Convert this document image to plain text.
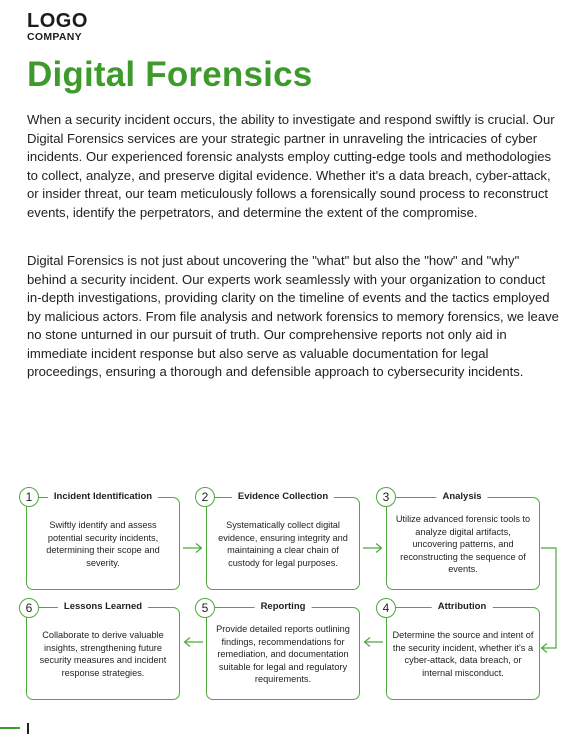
LOGO
COMPANY
Digital Forensics

When a security incident occurs, the ability to investigate and respond swiftly is crucial. Our Digital Forensics services are your strategic partner in unraveling the intricacies of cyber incidents. Our experienced forensic analysts employ cutting-edge tools and methodologies to collect, analyze, and preserve digital evidence. Whether it's a data breach, cyber-attack, or insider threat, our team meticulously follows a forensically sound process to reconstruct events, identify the perpetrators, and determine the extent of the compromise.

Digital Forensics is not just about uncovering the "what" but also the "how" and "why" behind a security incident. Our experts work seamlessly with your organization to conduct in-depth investigations, providing clarity on the timeline of events and the tactics employed by malicious actors. From file analysis and network forensics to memory forensics, we leave no stone unturned in our pursuit of truth. Our comprehensive reports not only aid in immediate incident response but also serve as valuable documentation for legal proceedings, ensuring a thorough and defensible approach to cybersecurity incidents.

Incident Identification	Evidence Collection	Analysis
Lessons Learned	Reporting	Attribution
1	2	3
6	5	4
Swiftly identify and assess potential security incidents, determining their scope and severity.
Systematically collect digital evidence, ensuring integrity and maintaining a clear chain of custody for legal purposes.
Utilize advanced forensic tools to analyze digital artifacts, uncovering patterns, and reconstructing the sequence of events.
Collaborate to derive valuable insights, strengthening future security measures and incident response strategies.
Provide detailed reports outlining findings, recommendations for remediation, and documentation suitable for legal and regulatory requirements.
Determine the source and intent of the security incident, whether it's a cyber-attack, data breach, or internal misconduct.
